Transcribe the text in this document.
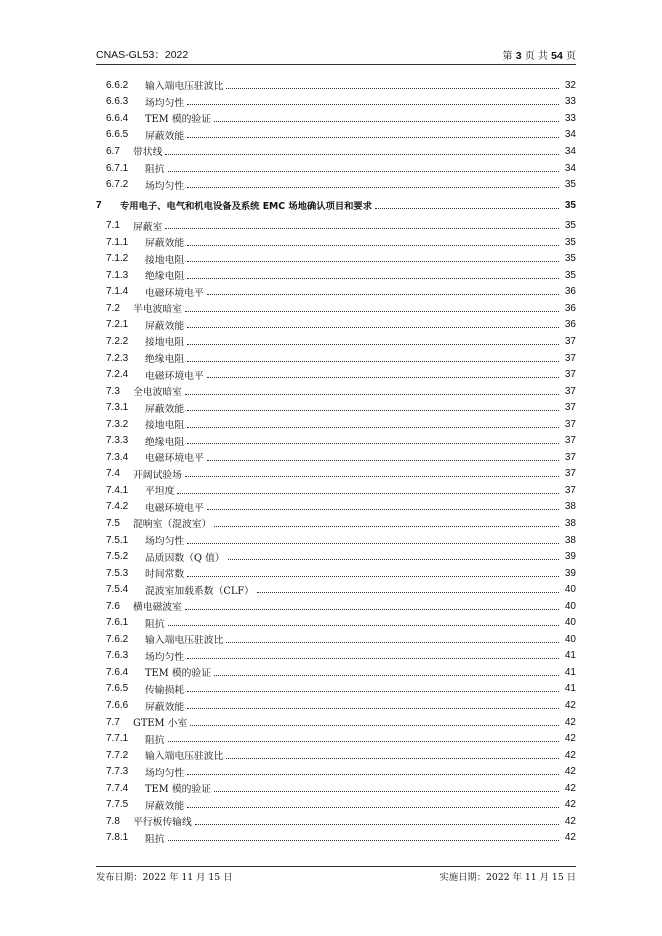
CNAS-GL53：2022	第 3 页 共 54 页
6.6.2	输入端电压驻波比	32
6.6.3	场均匀性	33
6.6.4	TEM 模的验证	33
6.6.5	屏蔽效能	34
6.7	带状线	34
6.7.1	阻抗	34
6.7.2	场均匀性	35
7	专用电子、电气和机电设备及系统 EMC 场地确认项目和要求	35
7.1	屏蔽室	35
7.1.1	屏蔽效能	35
7.1.2	接地电阻	35
7.1.3	绝缘电阻	35
7.1.4	电磁环境电平	36
7.2	半电波暗室	36
7.2.1	屏蔽效能	36
7.2.2	接地电阻	37
7.2.3	绝缘电阻	37
7.2.4	电磁环境电平	37
7.3	全电波暗室	37
7.3.1	屏蔽效能	37
7.3.2	接地电阻	37
7.3.3	绝缘电阻	37
7.3.4	电磁环境电平	37
7.4	开阔试验场	37
7.4.1	平坦度	37
7.4.2	电磁环境电平	38
7.5	混响室（混波室）	38
7.5.1	场均匀性	38
7.5.2	品质因数（Q 值）	39
7.5.3	时间常数	39
7.5.4	混波室加载系数（CLF）	40
7.6	横电磁波室	40
7.6.1	阻抗	40
7.6.2	输入端电压驻波比	40
7.6.3	场均匀性	41
7.6.4	TEM 模的验证	41
7.6.5	传输损耗	41
7.6.6	屏蔽效能	42
7.7	GTEM 小室	42
7.7.1	阻抗	42
7.7.2	输入端电压驻波比	42
7.7.3	场均匀性	42
7.7.4	TEM 模的验证	42
7.7.5	屏蔽效能	42
7.8	平行板传输线	42
7.8.1	阻抗	42
发布日期：2022 年 11 月 15 日	实施日期：2022 年 11 月 15 日
